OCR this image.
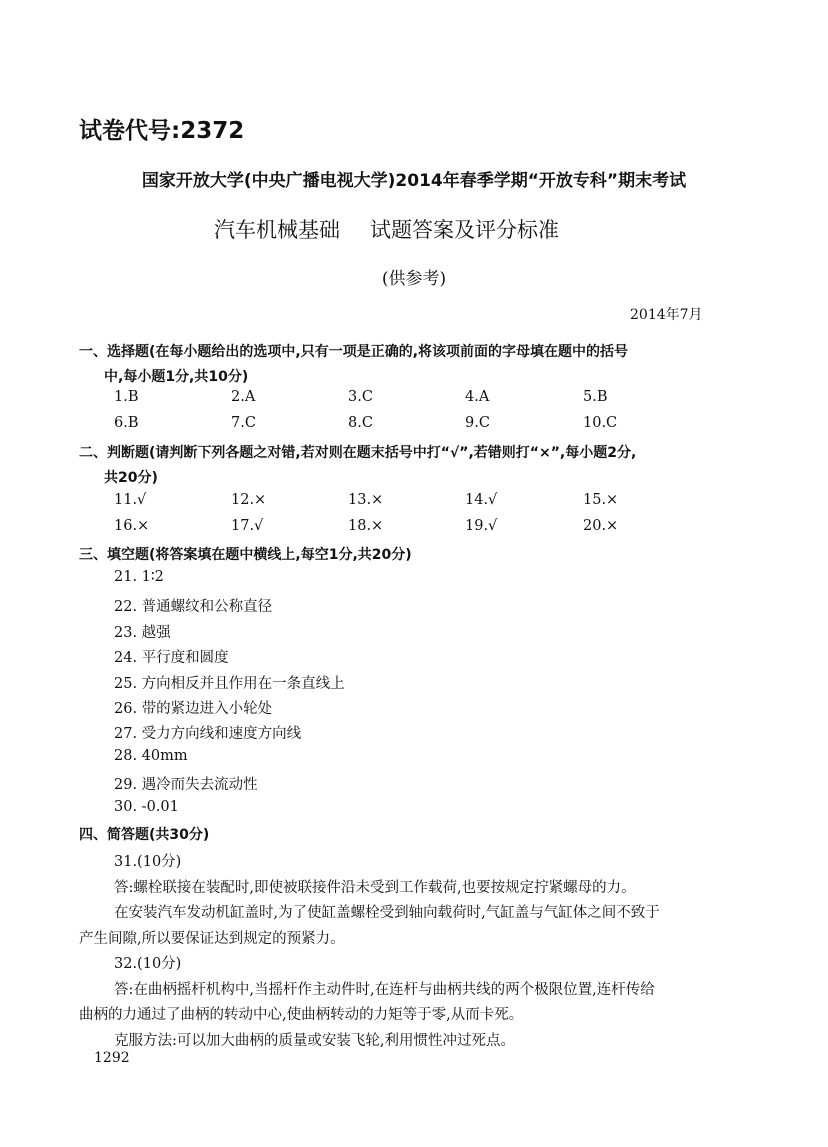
试卷代号:2372
国家开放大学(中央广播电视大学)2014年春季学期“开放专科”期末考试
汽车机械基础 试题答案及评分标准
(供参考)
2014年7月
一、选择题(在每小题给出的选项中,只有一项是正确的,将该项前面的字母填在题中的括号
中,每小题1分,共10分)
1.B	2.A	3.C	4.A	5.B
6.B	7.C	8.C	9.C	10.C
二、判断题(请判断下列各题之对错,若对则在题末括号中打“√”,若错则打“×”,每小题2分,
共20分)
11.√	12.×	13.×	14.√	15.×
16.×	17.√	18.×	19.√	20.×
三、填空题(将答案填在题中横线上,每空1分,共20分)
21. 1∶2
22. 普通螺纹和公称直径
23. 越强
24. 平行度和圆度
25. 方向相反并且作用在一条直线上
26. 带的紧边进入小轮处
27. 受力方向线和速度方向线
28. 40mm
29. 遇冷而失去流动性
30. -0.01
四、简答题(共30分)
31.(10分)
答:螺栓联接在装配时,即使被联接件沿未受到工作载荷,也要按规定拧紧螺母的力。
在安装汽车发动机缸盖时,为了使缸盖螺栓受到轴向载荷时,气缸盖与气缸体之间不致于
产生间隙,所以要保证达到规定的预紧力。
32.(10分)
答:在曲柄摇杆机构中,当摇杆作主动件时,在连杆与曲柄共线的两个极限位置,连杆传给
曲柄的力通过了曲柄的转动中心,使曲柄转动的力矩等于零,从而卡死。
克服方法:可以加大曲柄的质量或安装飞轮,利用惯性冲过死点。
1292
